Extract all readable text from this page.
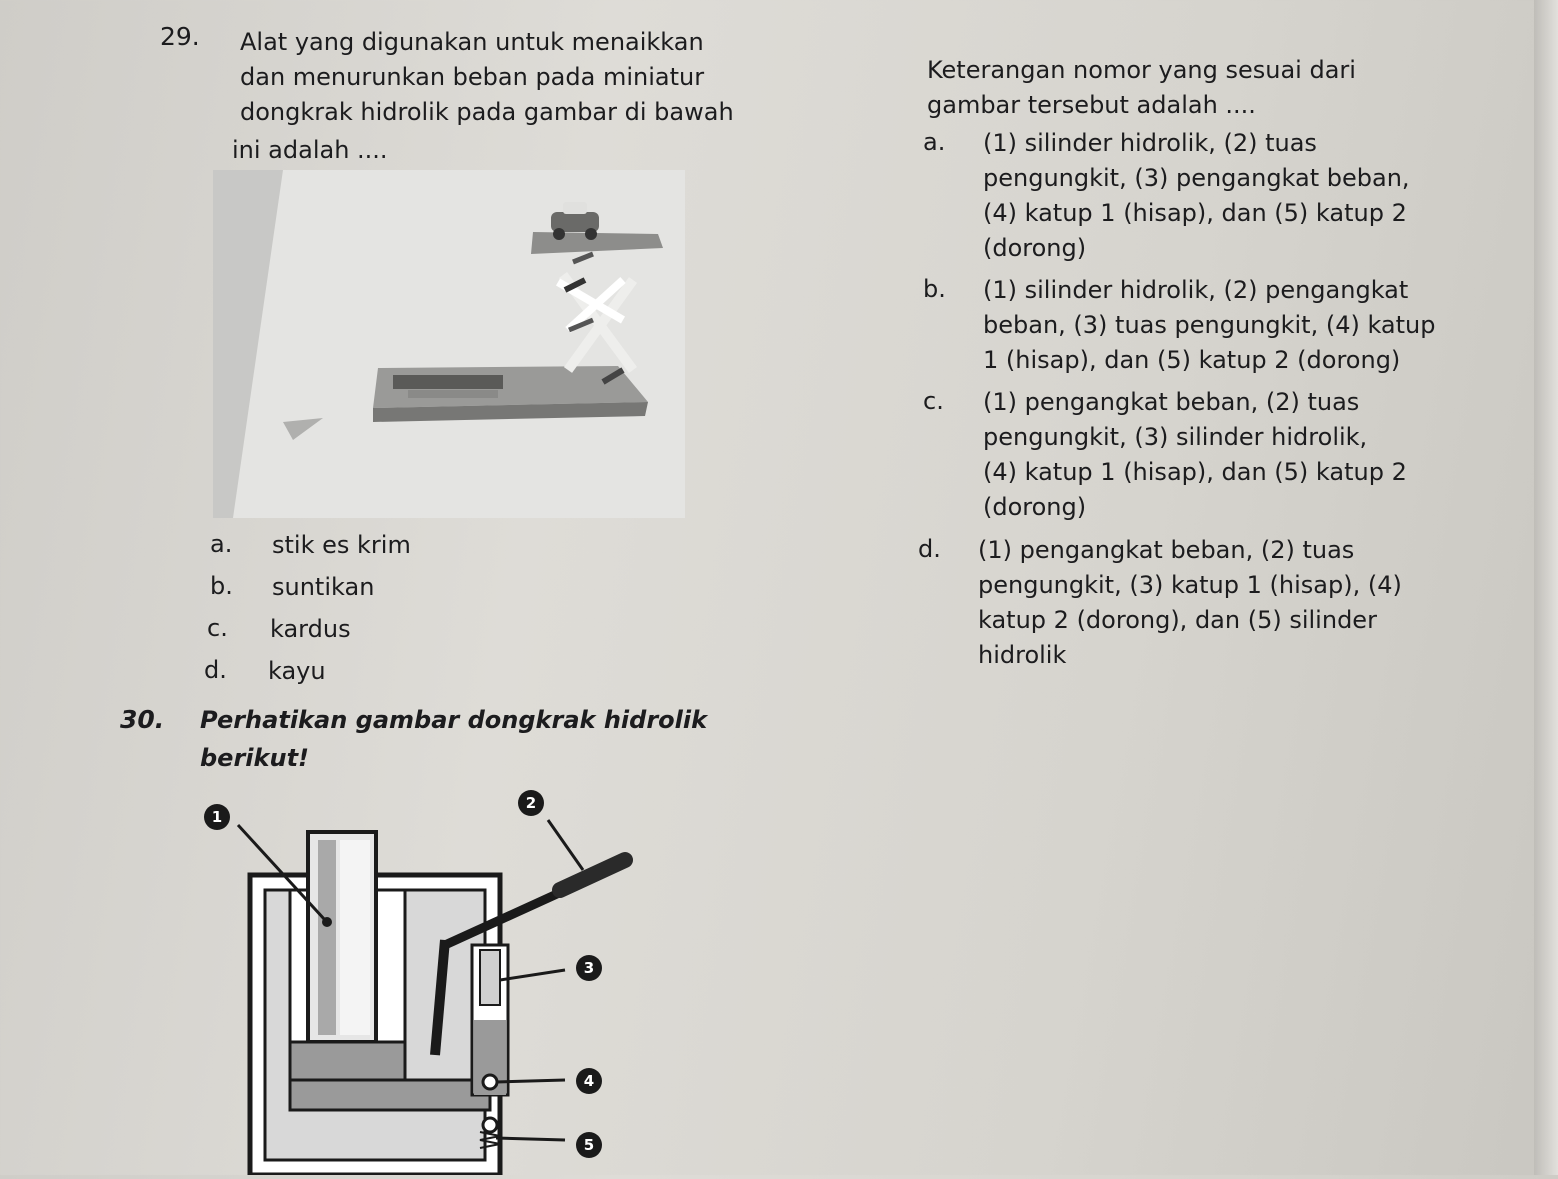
29. Alat yang digunakan untuk menaikkan
dan menurunkan beban pada miniatur
dongkrak hidrolik pada gambar di bawah
ini adalah ....
a. stik es krim
b. suntikan
c. kardus
d. kayu
30. Perhatikan gambar dongkrak hidrolik
berikut!
1
2
3
4
5
Keterangan nomor yang sesuai dari
gambar tersebut adalah ....
a. (1) silinder hidrolik, (2) tuas
pengungkit, (3) pengangkat beban,
(4) katup 1 (hisap), dan (5) katup 2
(dorong)
b. (1) silinder hidrolik, (2) pengangkat
beban, (3) tuas pengungkit, (4) katup
1 (hisap), dan (5) katup 2 (dorong)
c. (1) pengangkat beban, (2) tuas
pengungkit, (3) silinder hidrolik,
(4) katup 1 (hisap), dan (5) katup 2
(dorong)
d. (1) pengangkat beban, (2) tuas
pengungkit, (3) katup 1 (hisap), (4)
katup 2 (dorong), dan (5) silinder
hidrolik
